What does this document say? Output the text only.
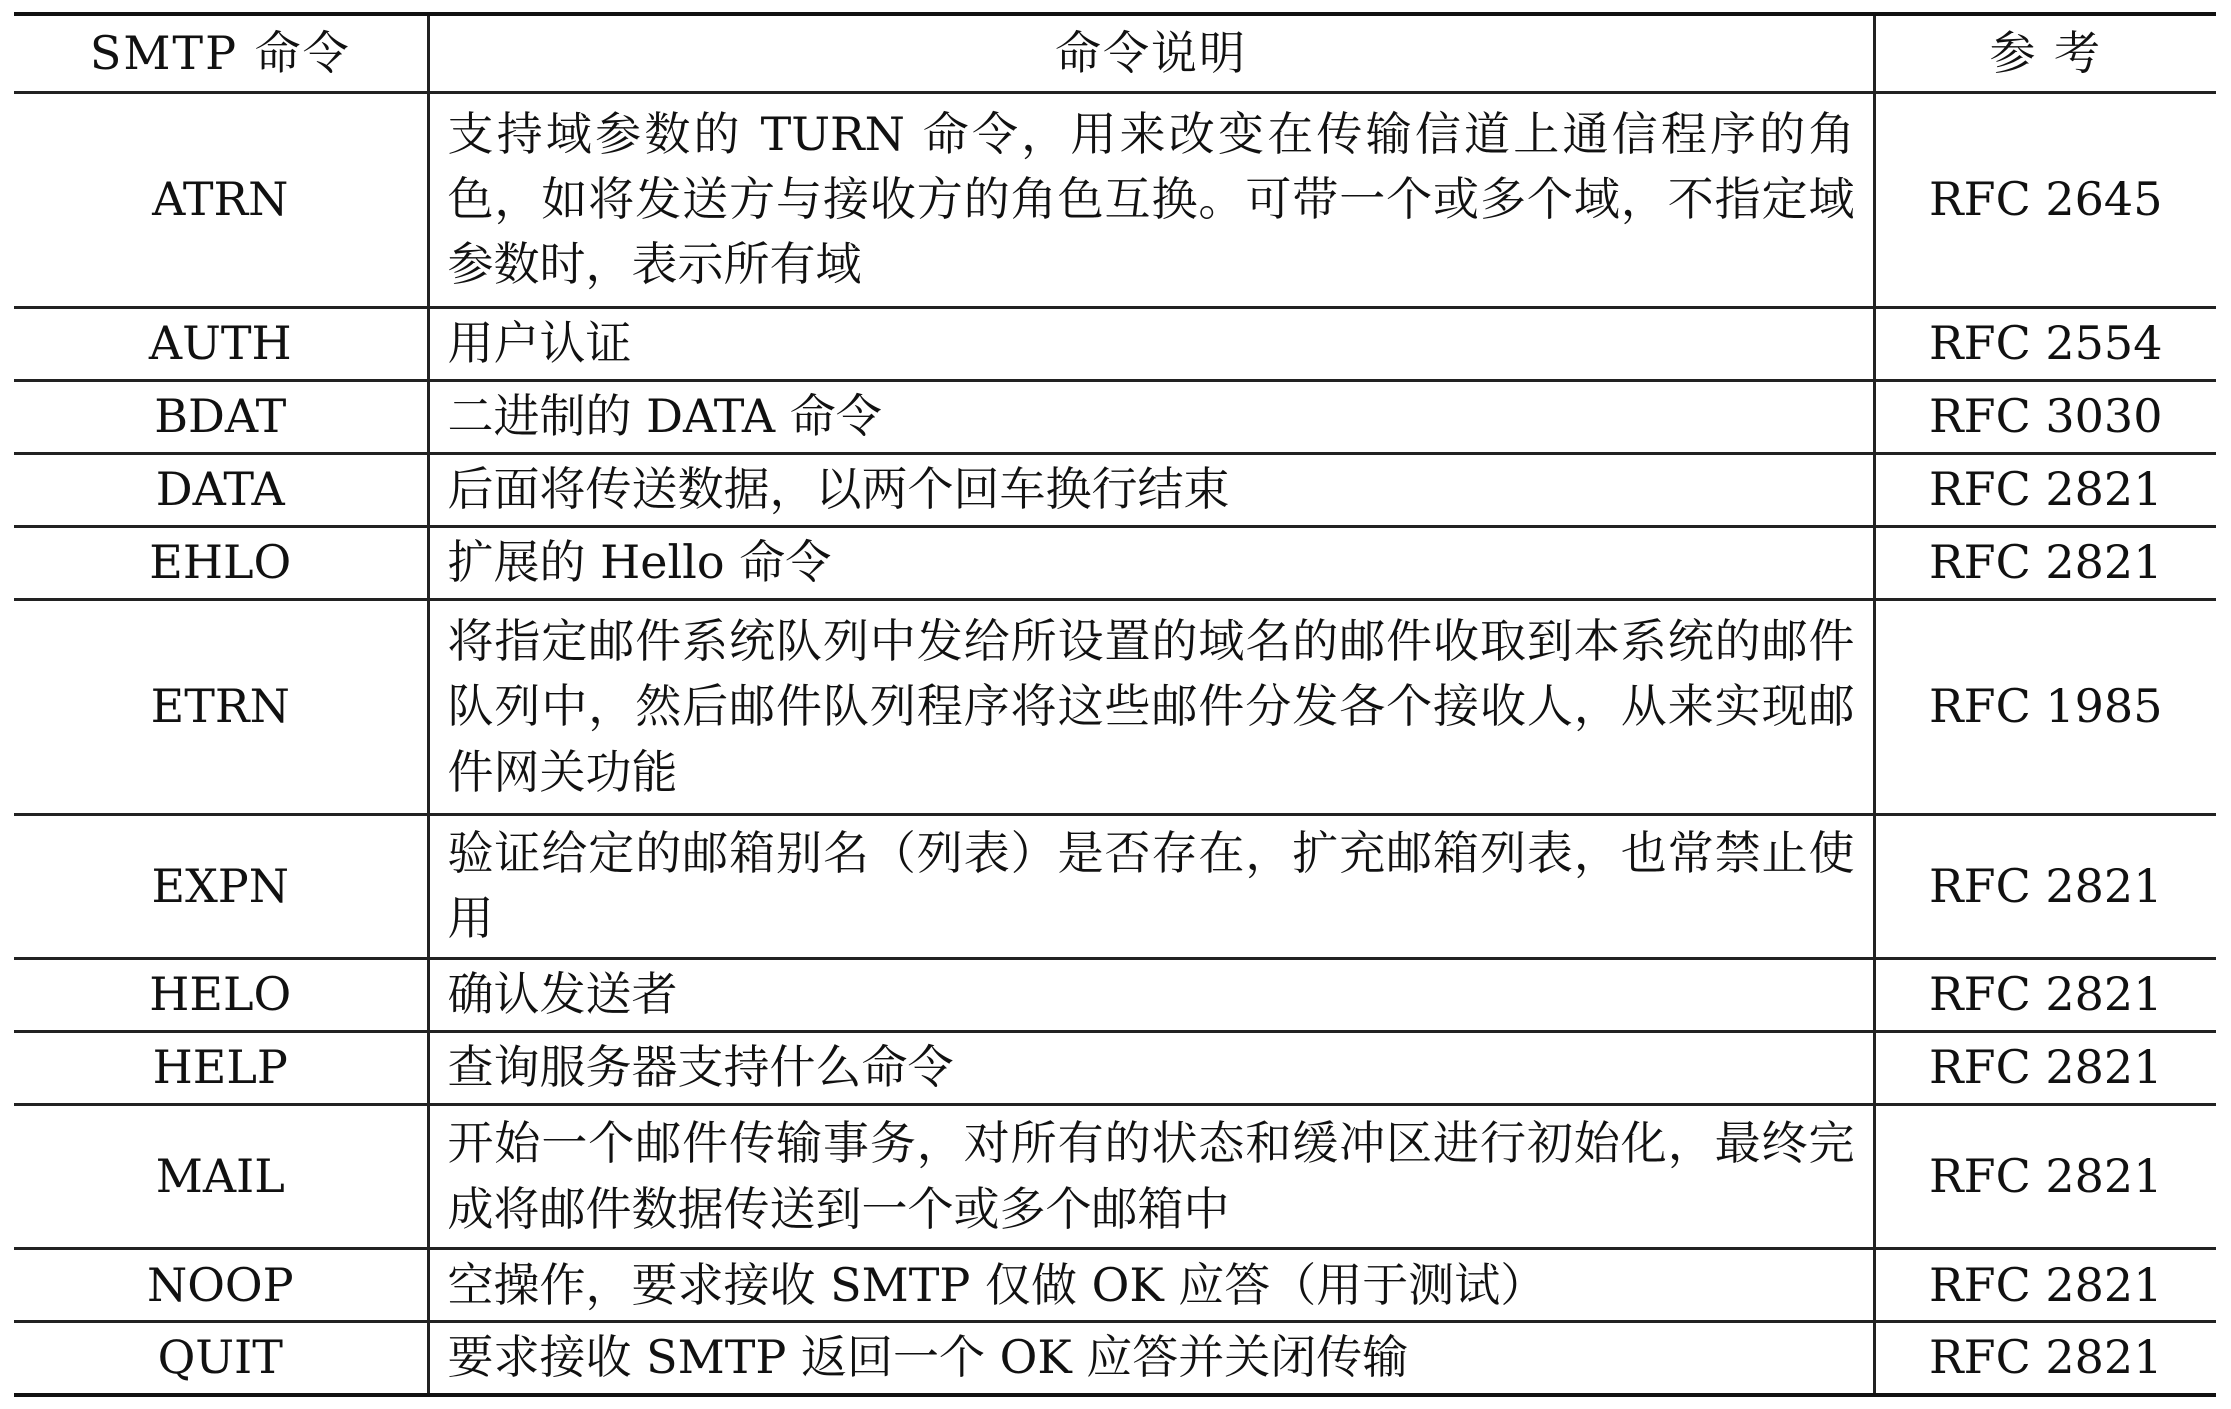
SMTP 命令	命令说明	参 考
ATRN	支持域参数的 TURN 命令，用来改变在传输信道上通信程序的角色，如将发送方与接收方的角色互换。可带一个或多个域，不指定域参数时，表示所有域	RFC 2645
AUTH	用户认证	RFC 2554
BDAT	二进制的 DATA 命令	RFC 3030
DATA	后面将传送数据，以两个回车换行结束	RFC 2821
EHLO	扩展的 Hello 命令	RFC 2821
ETRN	将指定邮件系统队列中发给所设置的域名的邮件收取到本系统的邮件队列中，然后邮件队列程序将这些邮件分发各个接收人，从来实现邮件网关功能	RFC 1985
EXPN	验证给定的邮箱别名（列表）是否存在，扩充邮箱列表，也常禁止使用	RFC 2821
HELO	确认发送者	RFC 2821
HELP	查询服务器支持什么命令	RFC 2821
MAIL	开始一个邮件传输事务，对所有的状态和缓冲区进行初始化，最终完成将邮件数据传送到一个或多个邮箱中	RFC 2821
NOOP	空操作，要求接收 SMTP 仅做 OK 应答（用于测试）	RFC 2821
QUIT	要求接收 SMTP 返回一个 OK 应答并关闭传输	RFC 2821
